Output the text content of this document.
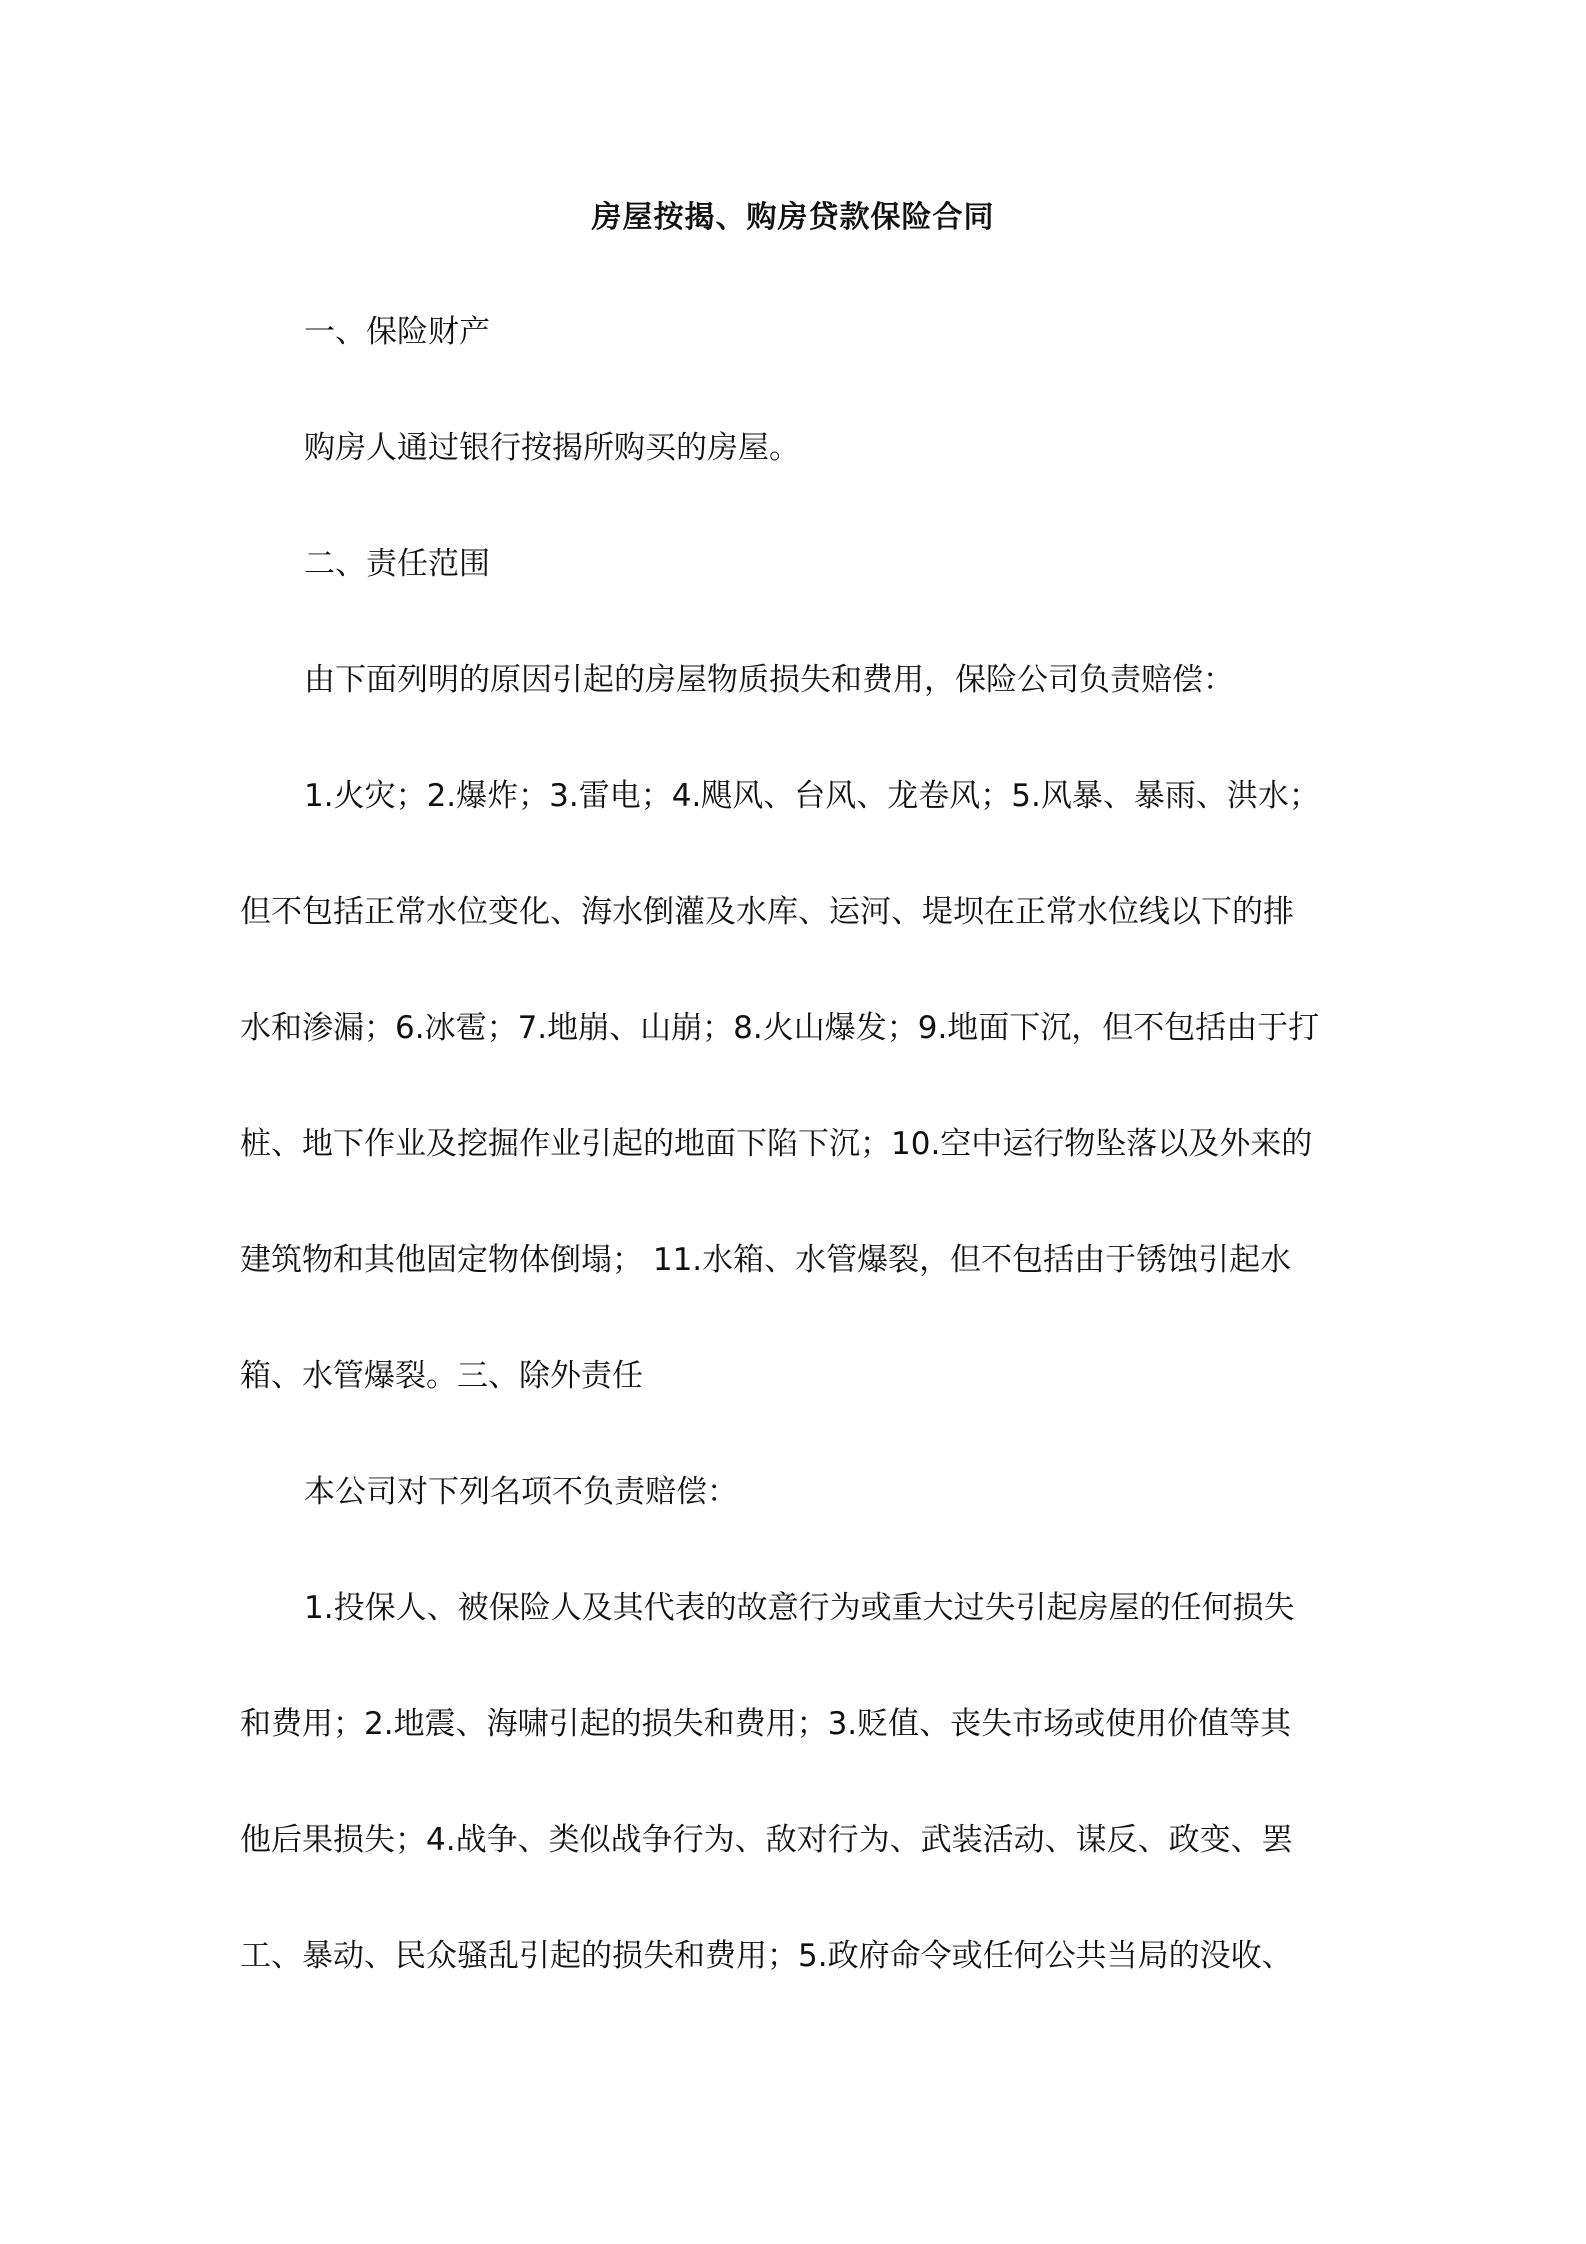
房屋按揭、购房贷款保险合同
一、保险财产
购房人通过银行按揭所购买的房屋。
二、责任范围
由下面列明的原因引起的房屋物质损失和费用，保险公司负责赔偿：
1.火灾；2.爆炸；3.雷电；4.飓风、台风、龙卷风；5.风暴、暴雨、洪水；
但不包括正常水位变化、海水倒灌及水库、运河、堤坝在正常水位线以下的排
水和渗漏；6.冰雹；7.地崩、山崩；8.火山爆发；9.地面下沉，但不包括由于打
桩、地下作业及挖掘作业引起的地面下陷下沉；10.空中运行物坠落以及外来的
建筑物和其他固定物体倒塌； 11.水箱、水管爆裂，但不包括由于锈蚀引起水
箱、水管爆裂。三、除外责任
本公司对下列名项不负责赔偿：
1.投保人、被保险人及其代表的故意行为或重大过失引起房屋的任何损失
和费用；2.地震、海啸引起的损失和费用；3.贬值、丧失市场或使用价值等其
他后果损失；4.战争、类似战争行为、敌对行为、武装活动、谋反、政变、罢
工、暴动、民众骚乱引起的损失和费用；5.政府命令或任何公共当局的没收、
